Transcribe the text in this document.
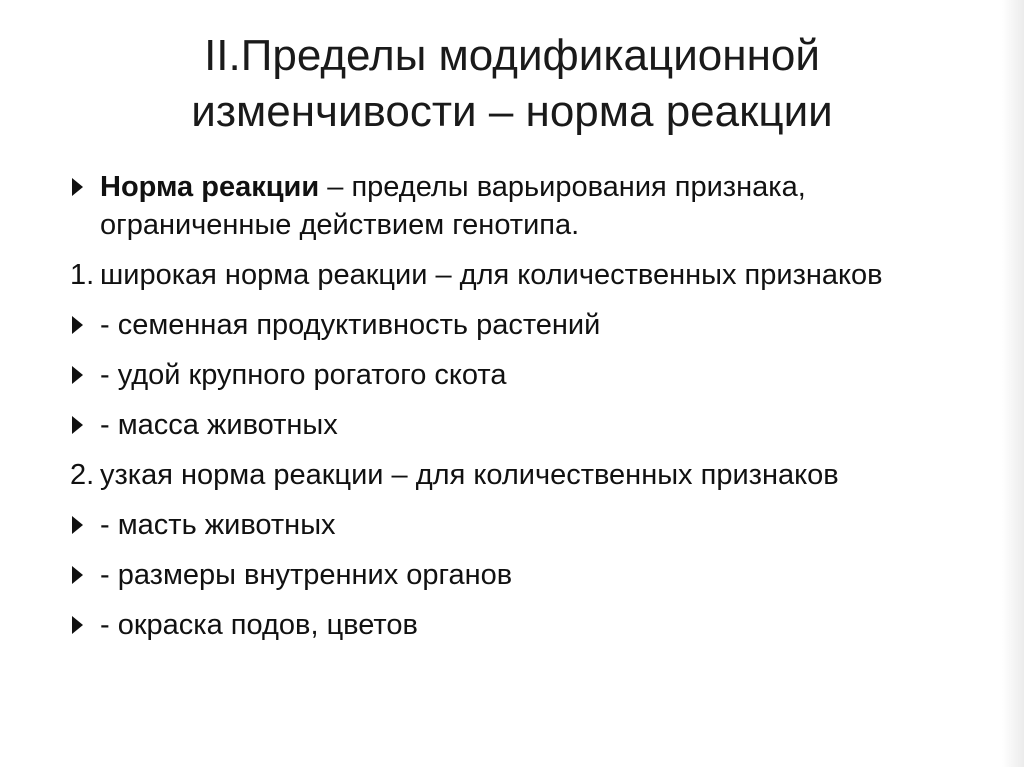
II.Пределы модификационной
изменчивости – норма реакции
Норма реакции – пределы варьирования признака, ограниченные действием генотипа.
1. широкая норма реакции – для количественных признаков
- семенная продуктивность растений
- удой крупного рогатого скота
- масса животных
2. узкая норма реакции – для количественных признаков
- масть животных
- размеры внутренних органов
- окраска подов, цветов
